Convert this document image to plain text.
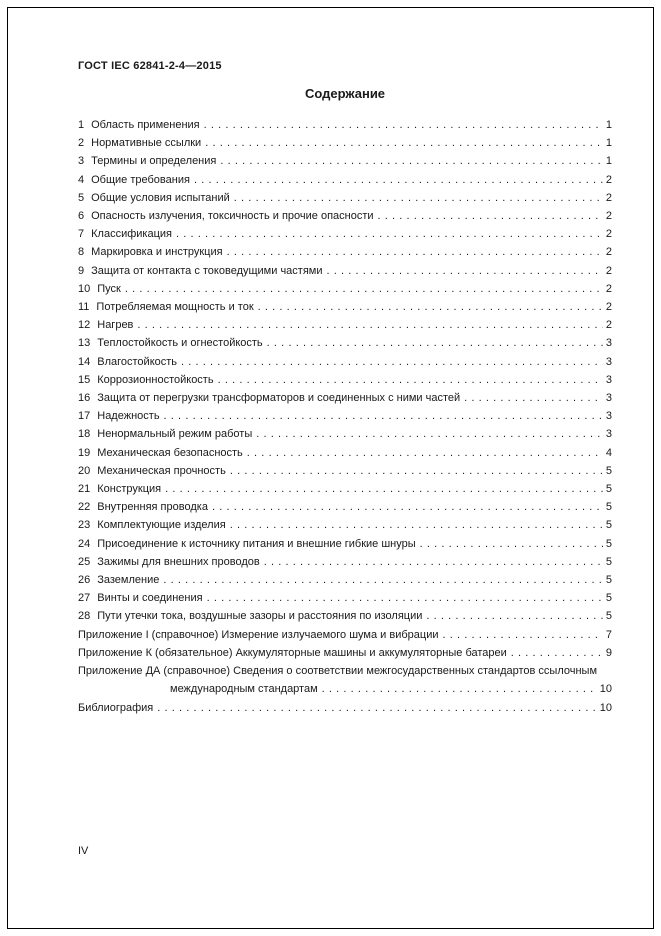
ГОСТ IEC 62841-2-4—2015
Содержание
1 Область применения .....	1
2 Нормативные ссылки .....	1
3 Термины и определения .....	1
4 Общие требования .....	2
5 Общие условия испытаний .....	2
6 Опасность излучения, токсичность и прочие опасности .....	2
7 Классификация .....	2
8 Маркировка и инструкция .....	2
9 Защита от контакта с токоведущими частями .....	2
10 Пуск .....	2
11 Потребляемая мощность и ток .....	2
12 Нагрев .....	2
13 Теплостойкость и огнестойкость .....	3
14 Влагостойкость .....	3
15 Коррозионностойкость .....	3
16 Защита от перегрузки трансформаторов и соединенных с ними частей .....	3
17 Надежность .....	3
18 Ненормальный режим работы .....	3
19 Механическая безопасность .....	4
20 Механическая прочность .....	5
21 Конструкция .....	5
22 Внутренняя проводка .....	5
23 Комплектующие изделия .....	5
24 Присоединение к источнику питания и внешние гибкие шнуры .....	5
25 Зажимы для внешних проводов .....	5
26 Заземление .....	5
27 Винты и соединения .....	5
28 Пути утечки тока, воздушные зазоры и расстояния по изоляции .....	5
Приложение I (справочное) Измерение излучаемого шума и вибрации .....	7
Приложение К (обязательное) Аккумуляторные машины и аккумуляторные батареи .....	9
Приложение ДА (справочное) Сведения о соответствии межгосударственных стандартов ссылочным
международным стандартам .....	10
Библиография .....	10
IV
